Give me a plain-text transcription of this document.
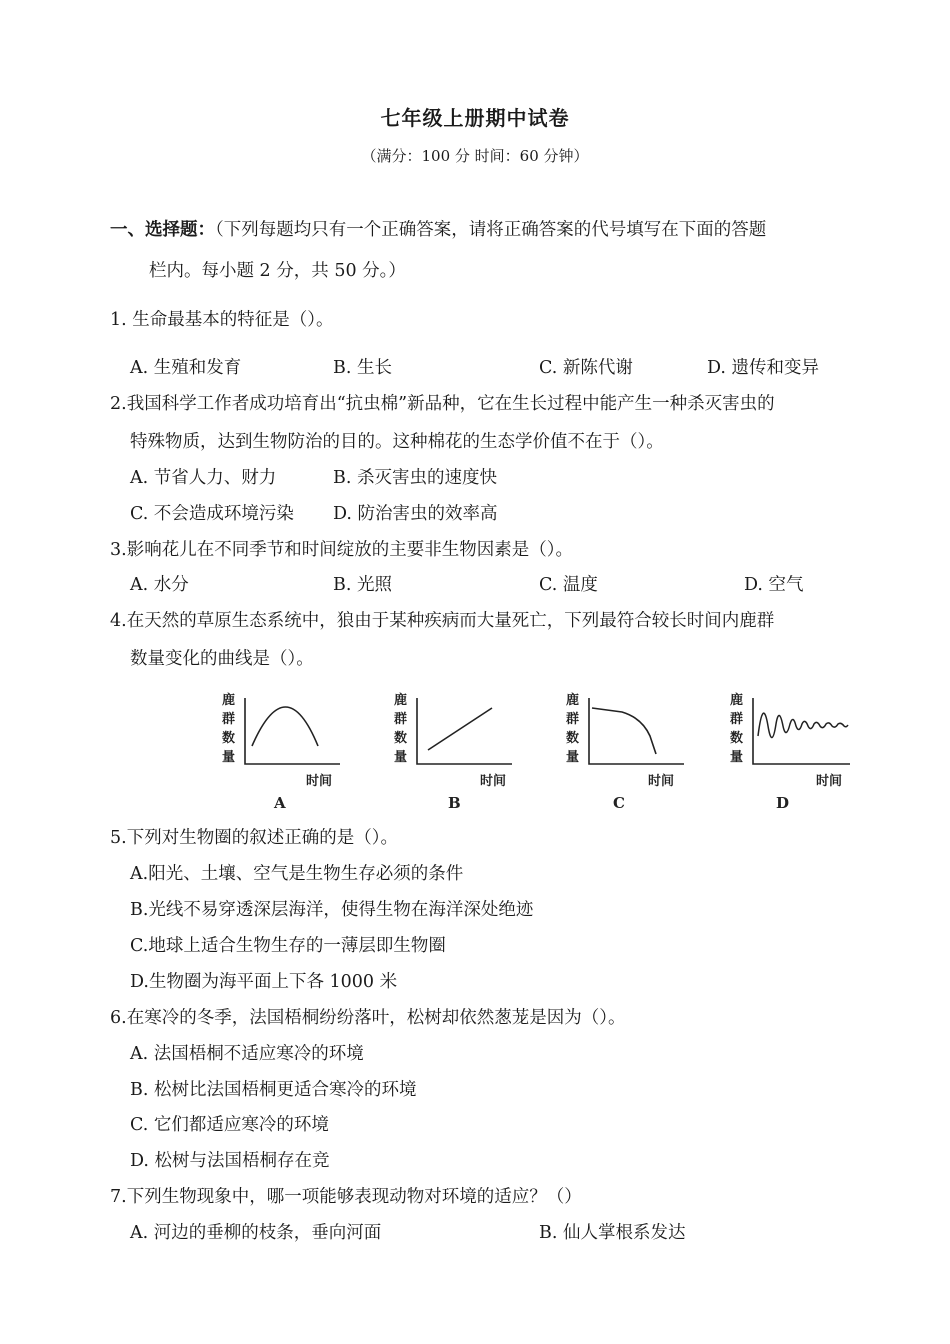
七年级上册期中试卷
（满分：100 分 时间：60 分钟）
一、选择题：（下列每题均只有一个正确答案，请将正确答案的代号填写在下面的答题
栏内。每小题 2 分，共 50 分。）
1. 生命最基本的特征是（）。
A. 生殖和发育	B. 生长	C. 新陈代谢	D. 遗传和变异
2.我国科学工作者成功培育出“抗虫棉”新品种，它在生长过程中能产生一种杀灭害虫的
特殊物质，达到生物防治的目的。这种棉花的生态学价值不在于（）。
A. 节省人力、财力	B. 杀灭害虫的速度快
C. 不会造成环境污染 D. 防治害虫的效率高
3.影响花儿在不同季节和时间绽放的主要非生物因素是（）。
A. 水分	B. 光照	C. 温度	D. 空气
4.在天然的草原生态系统中，狼由于某种疾病而大量死亡，下列最符合较长时间内鹿群
数量变化的曲线是（）。
鹿
群
数
量
时间
A
鹿
群
数
量
时间
B
鹿
群
数
量
时间
C
鹿
群
数
量
时间
D
5.下列对生物圈的叙述正确的是（）。
A.阳光、土壤、空气是生物生存必须的条件
B.光线不易穿透深层海洋，使得生物在海洋深处绝迹
C.地球上适合生物生存的一薄层即生物圈
D.生物圈为海平面上下各 1000 米
6.在寒冷的冬季，法国梧桐纷纷落叶，松树却依然葱茏是因为（）。
A. 法国梧桐不适应寒冷的环境
B. 松树比法国梧桐更适合寒冷的环境
C. 它们都适应寒冷的环境
D. 松树与法国梧桐存在竞
7.下列生物现象中，哪一项能够表现动物对环境的适应？（）
A. 河边的垂柳的枝条，垂向河面	B. 仙人掌根系发达
